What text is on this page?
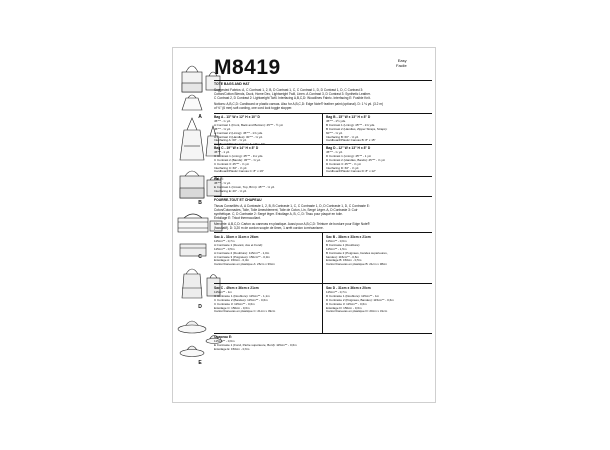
A
B
C
D
E
M8419	Easy
Facile
TOTE BAGS AND HAT
Suggested Fabrics: A, C Contrast 1, 2, B, D Contrast 1, C, C Contrast 1, D, D Contrast 1, D, C Contrast 3:
Cotton/Cotton Blends, Duck, Home Dec, Lightweight Twill, Linen. A Contrast 3, D Contrast 3: Synthetic Leather.
C Contrast 2, D Contrast 2: Lightweight Twill. Interfacing A,B,C,D: Woodlines Fabric. Interfacing E: Fusible Knit.
Notions: A,B,C,D: Cardboard or plastic canvas. Also for A,B,C,D: Edge Note® leather paint (optional). D: 1 ⅛ yd. (3.2 m)
of ⅛" (6 mm) soft cording, one cord lock toggle stopper.
Bag A - 13" W x 12" H x 10" D
45"** - ¾ yd.
A Contrast 1 (Front, Back and Bottom): 45"** - ½ yd.
45"** - ⅝ yd.
A Contrast 2 (Lining): 45"** - 1⅝ yds.
A Contrast 3 (Handles): 30"** - ⅝ yd.
Interfacing A: 60" - ⅝ yd.
Cardboard/Plastic Canvas A: 10" x 16"
Bag B - 15" W x 13" H x 8" D
45"** - 1½ yds.
B Contrast 1 (Lining): 45"** - 1⅝ yds.
B Contrast 2 (Handles, Zipper Straps, Straps):
60"** - ⅝ yd.
Interfacing B: 60" - ⅝ yd.
Cardboard/Plastic Canvas B: 8" x 15"
Bag C - 19" W x 14" H x 8" D
45"** - 1 yd.
C Contrast 1 (Lining): 45"** - 1⅛ yds.
C Contrast 2 (Bands): 45"** - ⅝ yd.
C Contrast 3: 45"** - ⅝ yd.
Interfacing C: 60" - ⅝ yd.
Cardboard/Plastic Canvas C: 8" x 19"
Bag D - 12" W x 13" H x 8" D
45"** - ¾ yd.
D Contrast 1 (Lining): 45"** - 1 yd.
D Contrast 2 (Handles, Bands): 45"** - ⅝ yd.
D Contrast 3: 45"** - ⅝ yd.
Interfacing D: 60" - ⅝ yd.
Cardboard/Plastic Canvas D: 8" x 12"
Hat E:
45"** - ⅝ yd.
E Contrast 1 (Crown, Top, Brim): 45"** - ⅝ yd.
Interfacing E: 20" - ⅝ yd.
FOURRE-TOUT ET CHAPEAU
Tissus Conseillés: A, A Contraste 1, 2, B, B Contraste 1, C, C Contraste 1, D, D Contraste 1, D, C Contraste E:
Coton/Cotonnades, Toile, Toile Ameublement, Toile de Coton, Lin, Sergé Léger. A, D Contraste 3: Cuir
synthétique. C, D Contraste 2: Sergé léger. Entoilage A, B, C, D: Tissu pour plaqué en toile.
Entoilage E: Tricot thermocollant.
Mercerie: A,B,C,D: Carton ou canevas en plastique. Aussi pour A,B,C,D: Teinture de bordure pour Edge Note®
(facultatif). D: 3,20 m de cordon souple de 6mm, 1 arrêt cordon à mécanisme.
Sac A - 33cm x 31cm x 26cm
115cm** - 0,7m
A Contraste 1 (Devant, dos et Fond):
115cm** - 0,5m
A Contraste 2 (Doublure): 115cm** - 1,0m
A Contraste 3 (Poignées): 150cm** - 0,3m
Entoilage A: 150cm - 0,3m
Carton/Canevas en plastique A: 26cm x 36cm
Sac B - 38cm x 33cm x 21cm
115cm** - 0,6m
B Contraste 1 (Doublure):
115cm** - 1,5m
B Contraste 2 (Poignées, bandes supérieures,
bandes): 115cm** - 0,6m
Entoilage B: 150cm - 0,5m
Carton/Canevas en plastique B: 21cm x 38cm
Sac C - 49cm x 36cm x 21cm
115cm** - 1m
C Contraste 1 (Doublure): 115cm** - 1,1m
C Contraste 2 (Bandes): 115cm** - 0,6m
C Contraste 3: 115cm** - 0,6m
Entoilage C: 150cm - 0,6m
Carton/Canevas en plastique C: 21cm x 49cm
Sac D - 31cm x 36cm x 20cm
115cm** - 0,7m
D Contraste 1 (Doublure): 115cm** - 1m
D Contraste 2 (Poignées, Bandes): 115cm** - 0,6m
D Contraste 3: 115cm** - 0,6m
Entoilage D: 150cm - 0,6m
Carton/Canevas en plastique D: 20cm x 31cm
Chapeau E:
115cm** - 0,6m
E Contraste 1 (Fond, Partie supérieure, Bord): 115cm** - 0,6m
Entoilage E: 150cm - 0,6m
